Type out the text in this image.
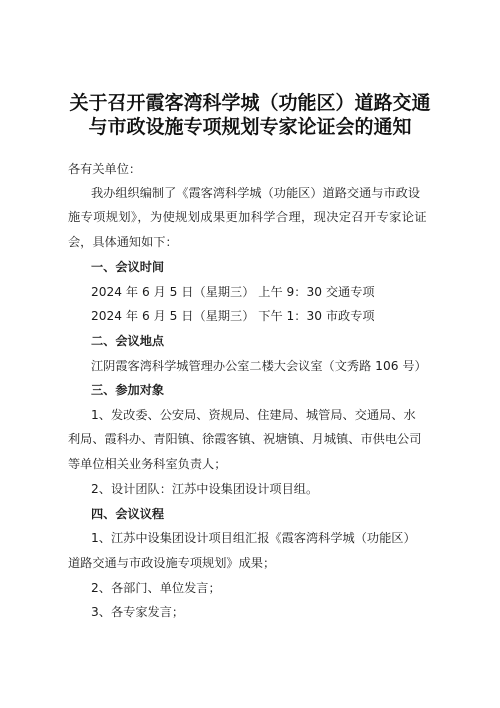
关于召开霞客湾科学城（功能区）道路交通
与市政设施专项规划专家论证会的通知
各有关单位：
我办组织编制了《霞客湾科学城（功能区）道路交通与市政设
施专项规划》，为使规划成果更加科学合理，现决定召开专家论证
会，具体通知如下：
一、会议时间
2024 年 6 月 5 日（星期三） 上午 9：30 交通专项
2024 年 6 月 5 日（星期三） 下午 1：30 市政专项
二、会议地点
江阴霞客湾科学城管理办公室二楼大会议室（文秀路 106 号）
三、参加对象
1、发改委、公安局、资规局、住建局、城管局、交通局、水
利局、霞科办、青阳镇、徐霞客镇、祝塘镇、月城镇、市供电公司
等单位相关业务科室负责人；
2、设计团队：江苏中设集团设计项目组。
四、会议议程
1、江苏中设集团设计项目组汇报《霞客湾科学城（功能区）
道路交通与市政设施专项规划》成果；
2、各部门、单位发言；
3、各专家发言；
